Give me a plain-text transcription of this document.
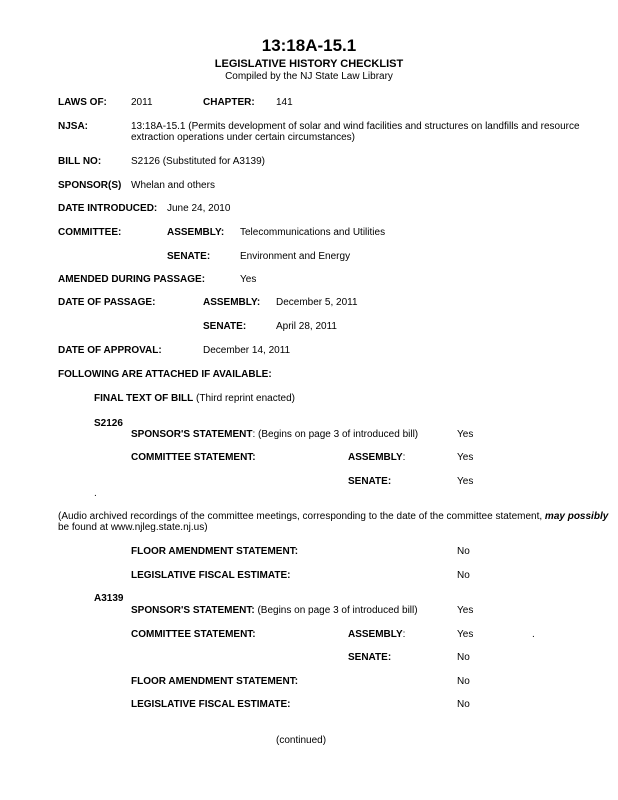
13:18A-15.1
LEGISLATIVE HISTORY CHECKLIST
Compiled by the NJ State Law Library
LAWS OF: 2011	CHAPTER: 141
NJSA:	13:18A-15.1 (Permits development of solar and wind facilities and structures on landfills and resource
extraction operations under certain circumstances)
BILL NO:	S2126 (Substituted for A3139)
SPONSOR(S) Whelan and others
DATE INTRODUCED: June 24, 2010
COMMITTEE:	ASSEMBLY: Telecommunications and Utilities
SENATE:	Environment and Energy
AMENDED DURING PASSAGE:	Yes
DATE OF PASSAGE:	ASSEMBLY: December 5, 2011
SENATE:	April 28, 2011
DATE OF APPROVAL:	December 14, 2011
FOLLOWING ARE ATTACHED IF AVAILABLE:
FINAL TEXT OF BILL (Third reprint enacted)
S2126
SPONSOR'S STATEMENT: (Begins on page 3 of introduced bill)	Yes
COMMITTEE STATEMENT:	ASSEMBLY:	Yes
SENATE:	Yes
.
(Audio archived recordings of the committee meetings, corresponding to the date of the committee statement, may possibly
be found at www.njleg.state.nj.us)
FLOOR AMENDMENT STATEMENT:	No
LEGISLATIVE FISCAL ESTIMATE:	No
A3139
SPONSOR'S STATEMENT: (Begins on page 3 of introduced bill)	Yes
COMMITTEE STATEMENT:	ASSEMBLY:	Yes	.
SENATE:	No
FLOOR AMENDMENT STATEMENT:	No
LEGISLATIVE FISCAL ESTIMATE:	No
(continued)
